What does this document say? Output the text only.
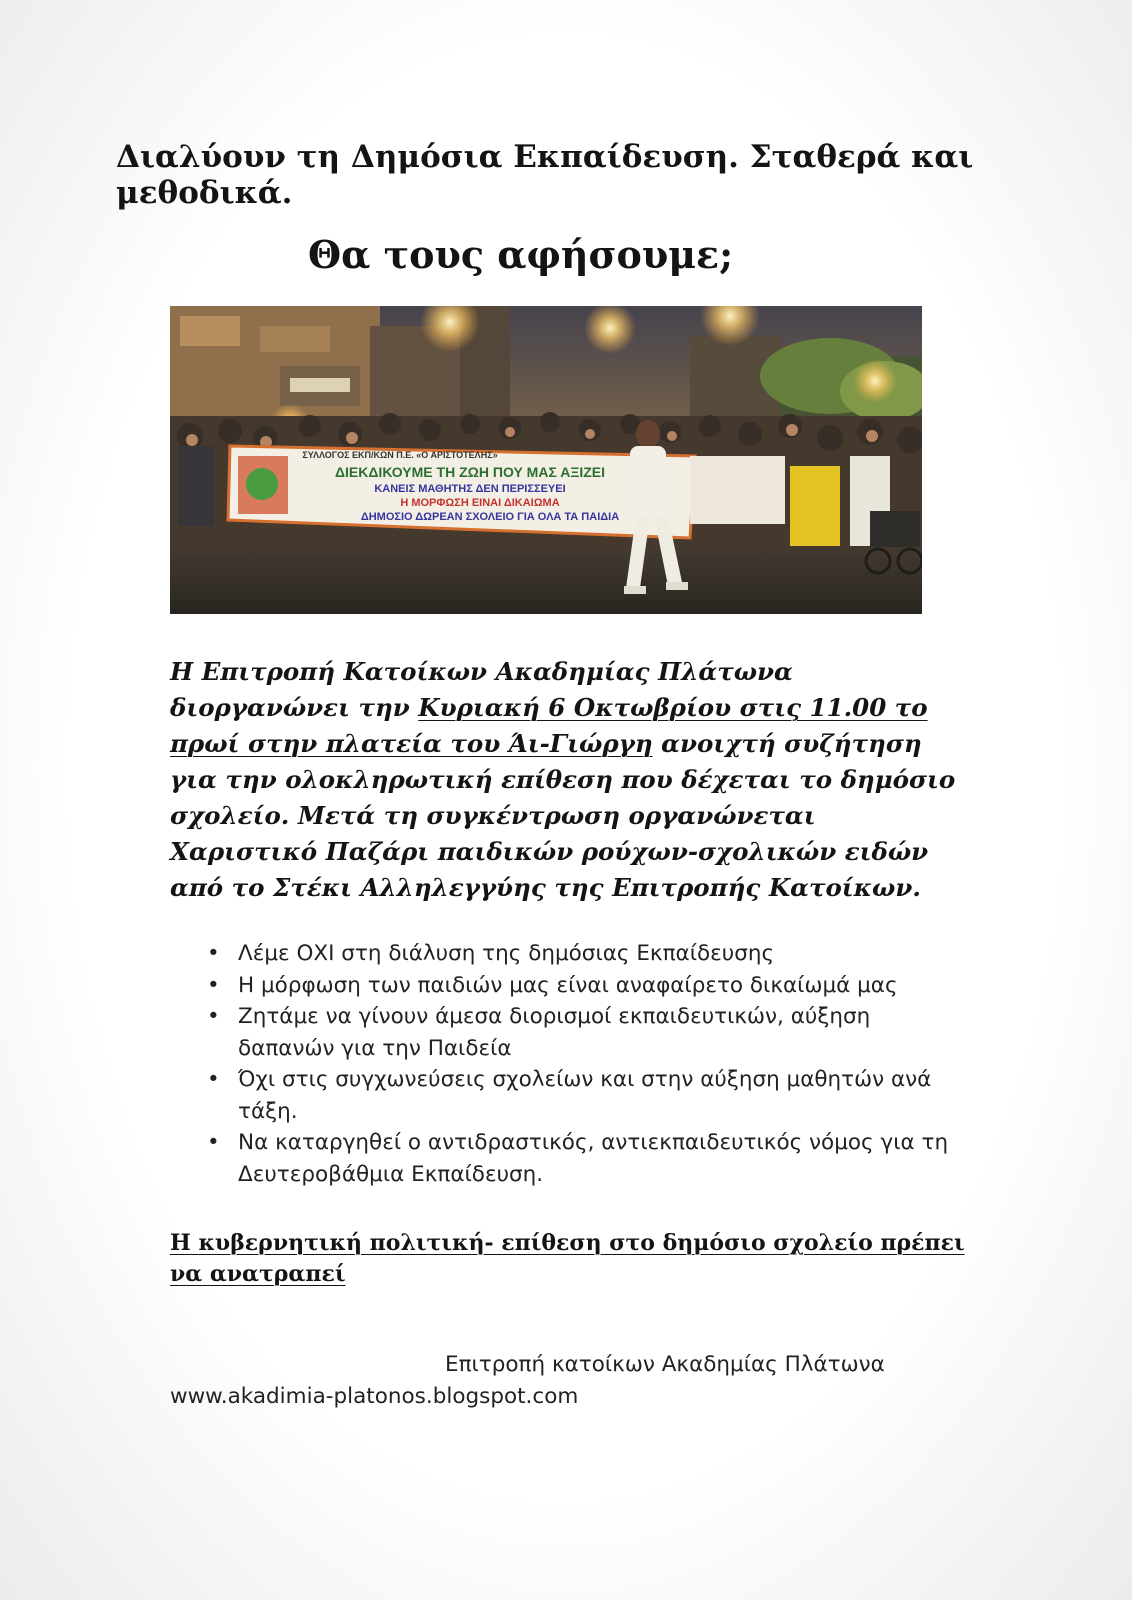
Διαλύουν τη Δημόσια Εκπαίδευση. Σταθερά και μεθοδικά.
Θα τους αφήσουμε;
ΣΥΛΛΟΓΟΣ ΕΚΠ/ΚΩΝ Π.Ε. «Ο ΑΡΙΣΤΟΤΕΛΗΣ»
ΔΙΕΚΔΙΚΟΥΜΕ ΤΗ ΖΩΗ ΠΟΥ ΜΑΣ ΑΞΙΖΕΙ
ΚΑΝΕΙΣ ΜΑΘΗΤΗΣ ΔΕΝ ΠΕΡΙΣΣΕΥΕΙ
Η ΜΟΡΦΩΣΗ ΕΙΝΑΙ ΔΙΚΑΙΩΜΑ
ΔΗΜΟΣΙΟ ΔΩΡΕΑΝ ΣΧΟΛΕΙΟ ΓΙΑ ΟΛΑ ΤΑ ΠΑΙΔΙΑ
Η Επιτροπή Κατοίκων Ακαδημίας Πλάτωνα διοργανώνει την Κυριακή 6 Οκτωβρίου στις 11.00 το πρωί στην πλατεία του Άι-Γιώργη ανοιχτή συζήτηση για την ολοκληρωτική επίθεση που δέχεται το δημόσιο σχολείο. Μετά τη συγκέντρωση οργανώνεται Χαριστικό Παζάρι παιδικών ρούχων-σχολικών ειδών από το Στέκι Αλληλεγγύης της Επιτροπής Κατοίκων.
• Λέμε ΟΧΙ στη διάλυση της δημόσιας Εκπαίδευσης
• Η μόρφωση των παιδιών μας είναι αναφαίρετο δικαίωμά μας
• Ζητάμε να γίνουν άμεσα διορισμοί εκπαιδευτικών, αύξηση δαπανών για την Παιδεία
• Όχι στις συγχωνεύσεις σχολείων και στην αύξηση μαθητών ανά τάξη.
• Να καταργηθεί ο αντιδραστικός, αντιεκπαιδευτικός νόμος για τη Δευτεροβάθμια Εκπαίδευση.
Η κυβερνητική πολιτική- επίθεση στο δημόσιο σχολείο πρέπει να ανατραπεί
Επιτροπή κατοίκων Ακαδημίας Πλάτωνα
www.akadimia-platonos.blogspot.com
